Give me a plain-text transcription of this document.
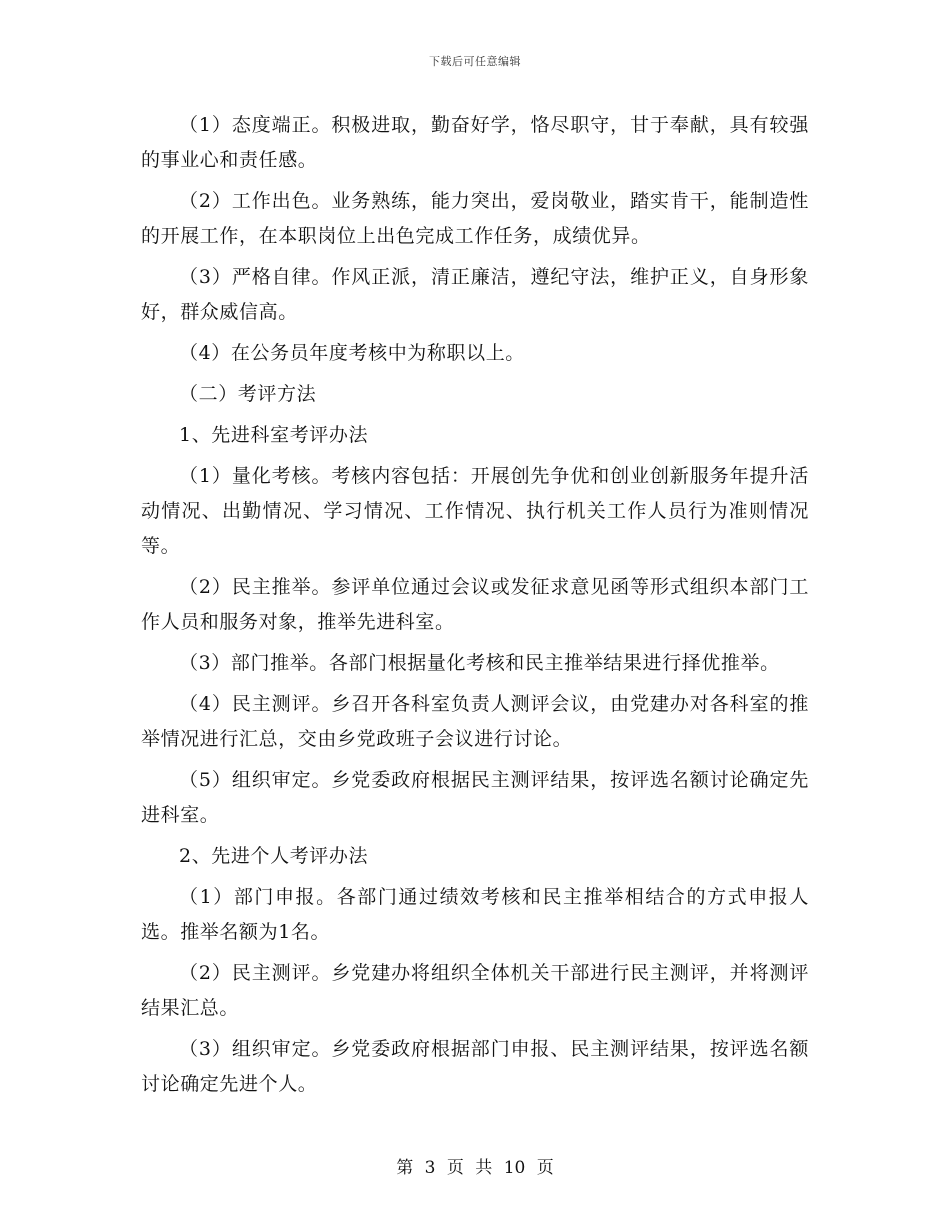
下载后可任意编辑

（1）态度端正。积极进取，勤奋好学，恪尽职守，甘于奉献，具有较强的事业心和责任感。

（2）工作出色。业务熟练，能力突出，爱岗敬业，踏实肯干，能制造性的开展工作，在本职岗位上出色完成工作任务，成绩优异。

（3）严格自律。作风正派，清正廉洁，遵纪守法，维护正义，自身形象好，群众威信高。

（4）在公务员年度考核中为称职以上。

（二）考评方法

1、先进科室考评办法

（1）量化考核。考核内容包括：开展创先争优和创业创新服务年提升活动情况、出勤情况、学习情况、工作情况、执行机关工作人员行为准则情况等。

（2）民主推举。参评单位通过会议或发征求意见函等形式组织本部门工作人员和服务对象，推举先进科室。

（3）部门推举。各部门根据量化考核和民主推举结果进行择优推举。

（4）民主测评。乡召开各科室负责人测评会议，由党建办对各科室的推举情况进行汇总，交由乡党政班子会议进行讨论。

（5）组织审定。乡党委政府根据民主测评结果，按评选名额讨论确定先进科室。

2、先进个人考评办法

（1）部门申报。各部门通过绩效考核和民主推举相结合的方式申报人选。推举名额为1名。

（2）民主测评。乡党建办将组织全体机关干部进行民主测评，并将测评结果汇总。

（3）组织审定。乡党委政府根据部门申报、民主测评结果，按评选名额讨论确定先进个人。

第 3 页 共 10 页
